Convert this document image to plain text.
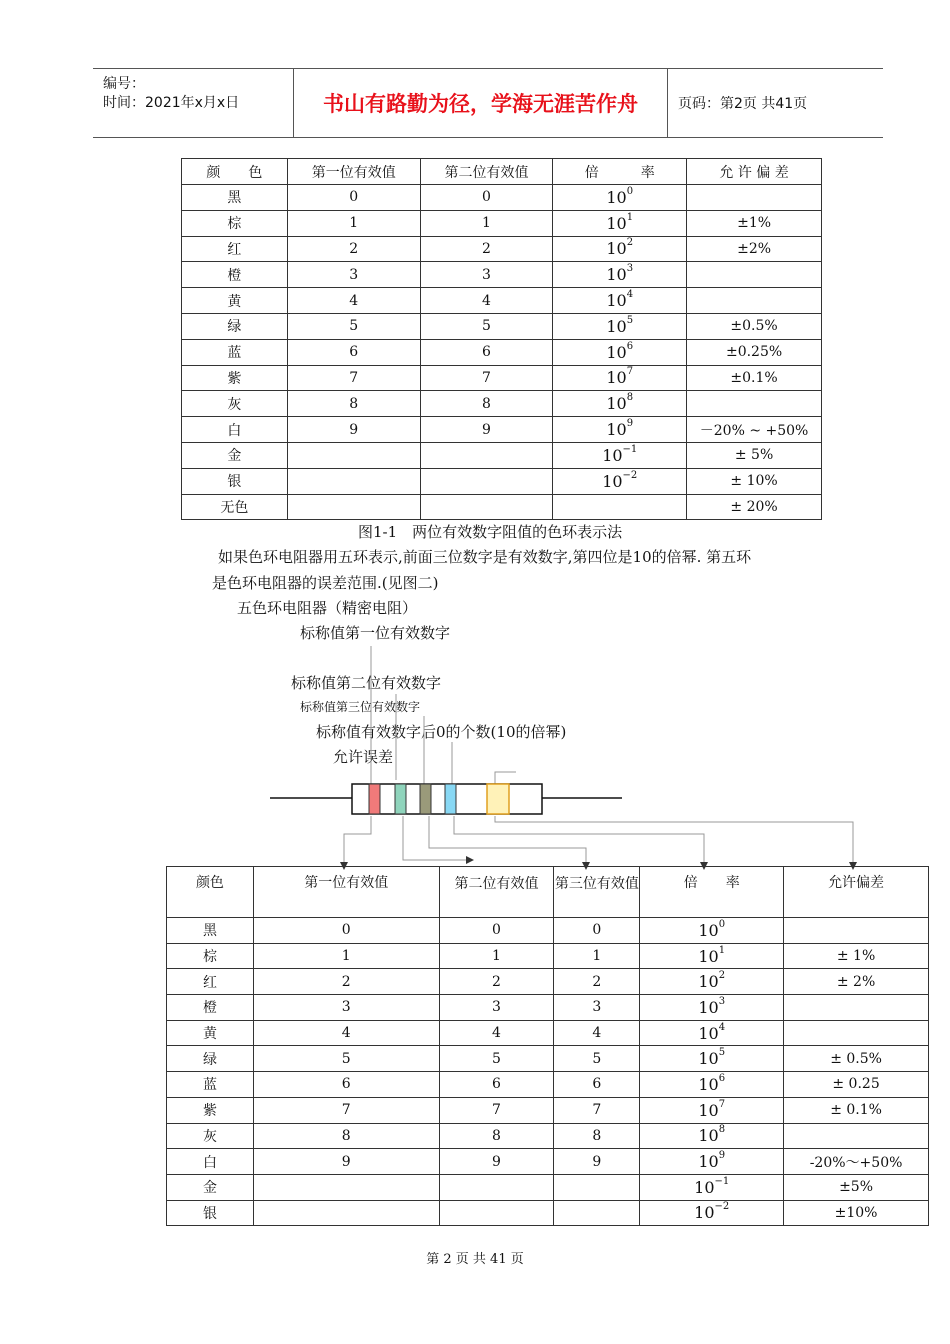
编号：
时间：2021年x月x日	书山有路勤为径，学海无涯苦作舟	页码：第2页 共41页
颜　　色	第一位有效值	第二位有效值	倍　　　率	允 许 偏 差
黑	0	0	$10^0$	
棕	1	1	$10^1$	±1%
红	2	2	$10^2$	±2%
橙	3	3	$10^3$	
黄	4	4	$10^4$	
绿	5	5	$10^5$	±0.5%
蓝	6	6	$10^6$	±0.25%
紫	7	7	$10^7$	±0.1%
灰	8	8	$10^8$	
白	9	9	$10^9$	－20% ~ +50%
金			$10^{-1}$	± 5%
银			$10^{-2}$	± 10%
无色				± 20%
图1-1　两位有效数字阻值的色环表示法
如果色环电阻器用五环表示,前面三位数字是有效数字,第四位是10的倍幂. 第五环
是色环电阻器的误差范围.(见图二)
五色环电阻器（精密电阻）
标称值第一位有效数字
标称值第二位有效数字
标称值第三位有效数字
标称值有效数字后0的个数(10的倍幂)
允许误差
颜色	第一位有效值	第二位有效值	第三位有效值	倍　　率	允许偏差
黑	0	0	0	$10^0$	
棕	1	1	1	$10^1$	± 1%
红	2	2	2	$10^2$	± 2%
橙	3	3	3	$10^3$	
黄	4	4	4	$10^4$	
绿	5	5	5	$10^5$	± 0.5%
蓝	6	6	6	$10^6$	± 0.25
紫	7	7	7	$10^7$	± 0.1%
灰	8	8	8	$10^8$	
白	9	9	9	$10^9$	-20%～+50%
金				$10^{-1}$	±5%
银				$10^{-2}$	±10%
第 2 页 共 41 页
